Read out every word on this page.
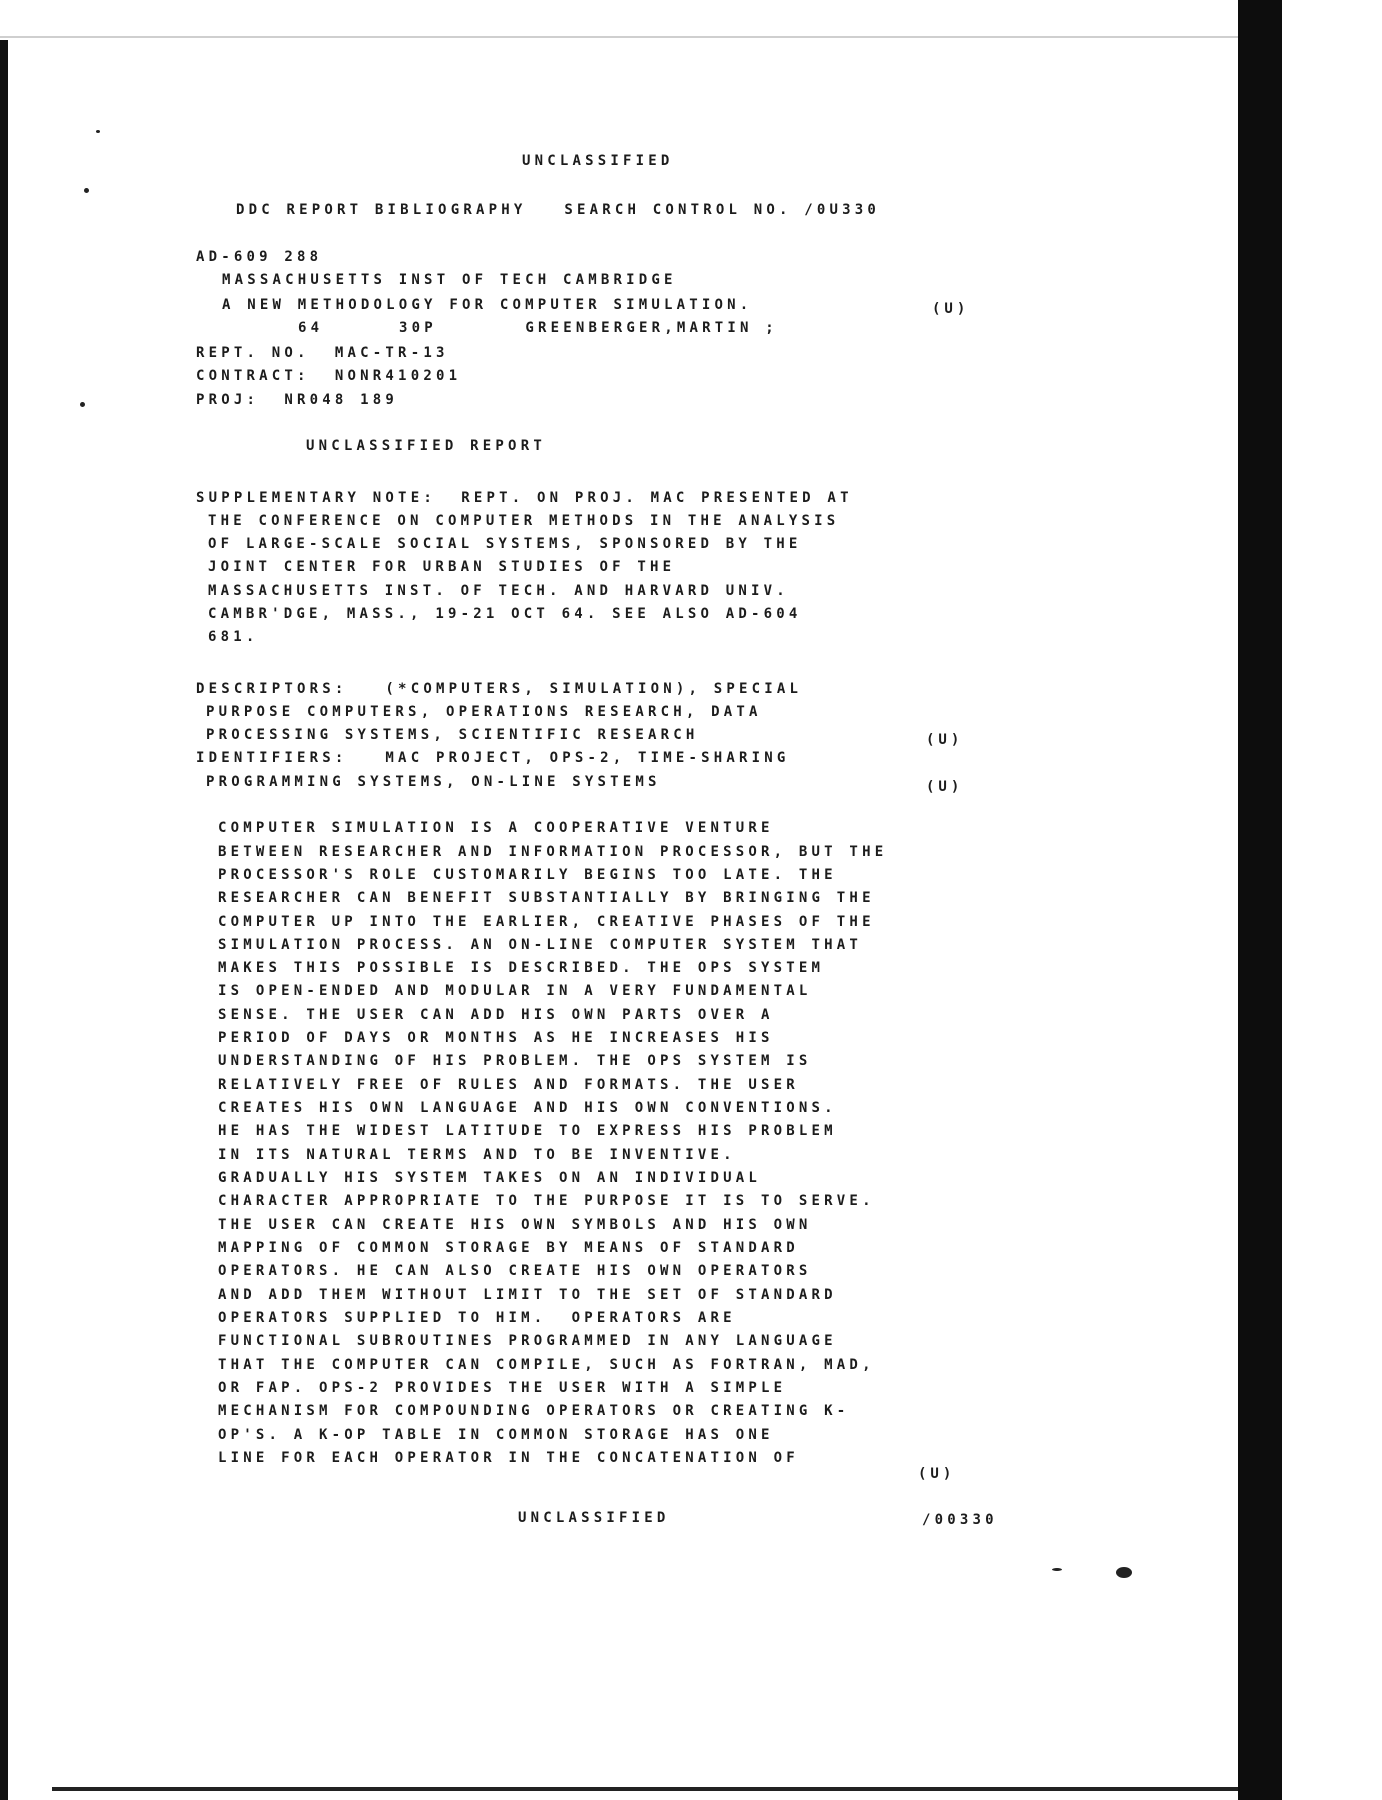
UNCLASSIFIED
DDC REPORT BIBLIOGRAPHY   SEARCH CONTROL NO. /0U330
AD-609 288
MASSACHUSETTS INST OF TECH CAMBRIDGE
A NEW METHODOLOGY FOR COMPUTER SIMULATION.	(U)
64      30P       GREENBERGER,MARTIN ;
REPT. NO.  MAC-TR-13
CONTRACT:  NONR410201
PROJ:  NR048 189
UNCLASSIFIED REPORT
SUPPLEMENTARY NOTE:  REPT. ON PROJ. MAC PRESENTED AT
THE CONFERENCE ON COMPUTER METHODS IN THE ANALYSIS
OF LARGE-SCALE SOCIAL SYSTEMS, SPONSORED BY THE
JOINT CENTER FOR URBAN STUDIES OF THE
MASSACHUSETTS INST. OF TECH. AND HARVARD UNIV.
CAMBR'DGE, MASS., 19-21 OCT 64. SEE ALSO AD-604
681.
DESCRIPTORS:   (*COMPUTERS, SIMULATION), SPECIAL
PURPOSE COMPUTERS, OPERATIONS RESEARCH, DATA
PROCESSING SYSTEMS, SCIENTIFIC RESEARCH	(U)
IDENTIFIERS:   MAC PROJECT, OPS-2, TIME-SHARING
PROGRAMMING SYSTEMS, ON-LINE SYSTEMS	(U)
COMPUTER SIMULATION IS A COOPERATIVE VENTURE
BETWEEN RESEARCHER AND INFORMATION PROCESSOR, BUT THE
PROCESSOR'S ROLE CUSTOMARILY BEGINS TOO LATE. THE
RESEARCHER CAN BENEFIT SUBSTANTIALLY BY BRINGING THE
COMPUTER UP INTO THE EARLIER, CREATIVE PHASES OF THE
SIMULATION PROCESS. AN ON-LINE COMPUTER SYSTEM THAT
MAKES THIS POSSIBLE IS DESCRIBED. THE OPS SYSTEM
IS OPEN-ENDED AND MODULAR IN A VERY FUNDAMENTAL
SENSE. THE USER CAN ADD HIS OWN PARTS OVER A
PERIOD OF DAYS OR MONTHS AS HE INCREASES HIS
UNDERSTANDING OF HIS PROBLEM. THE OPS SYSTEM IS
RELATIVELY FREE OF RULES AND FORMATS. THE USER
CREATES HIS OWN LANGUAGE AND HIS OWN CONVENTIONS.
HE HAS THE WIDEST LATITUDE TO EXPRESS HIS PROBLEM
IN ITS NATURAL TERMS AND TO BE INVENTIVE.
GRADUALLY HIS SYSTEM TAKES ON AN INDIVIDUAL
CHARACTER APPROPRIATE TO THE PURPOSE IT IS TO SERVE.
THE USER CAN CREATE HIS OWN SYMBOLS AND HIS OWN
MAPPING OF COMMON STORAGE BY MEANS OF STANDARD
OPERATORS. HE CAN ALSO CREATE HIS OWN OPERATORS
AND ADD THEM WITHOUT LIMIT TO THE SET OF STANDARD
OPERATORS SUPPLIED TO HIM.  OPERATORS ARE
FUNCTIONAL SUBROUTINES PROGRAMMED IN ANY LANGUAGE
THAT THE COMPUTER CAN COMPILE, SUCH AS FORTRAN, MAD,
OR FAP. OPS-2 PROVIDES THE USER WITH A SIMPLE
MECHANISM FOR COMPOUNDING OPERATORS OR CREATING K-
OP'S. A K-OP TABLE IN COMMON STORAGE HAS ONE
LINE FOR EACH OPERATOR IN THE CONCATENATION OF
(U)
UNCLASSIFIED	/00330
